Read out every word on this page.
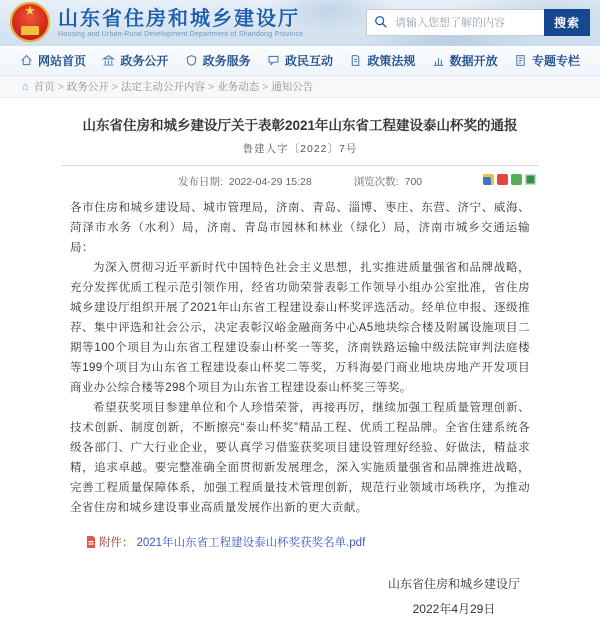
★
山东省住房和城乡建设厅
Housing and Urban-Rural Development Department of Shandong Province
请输入您想了解的内容
搜索
网站首页	政务公开	政务服务	政民互动	政策法规	数据开放	专题专栏
⌂ 首页 > 政务公开 > 法定主动公开内容 > 业务动态 > 通知公告
山东省住房和城乡建设厅关于表彰2021年山东省工程建设泰山杯奖的通报
鲁建人字〔2022〕7号
发布日期: 2022-04-29 15:28	浏览次数: 700

各市住房和城乡建设局、城市管理局，济南、青岛、淄博、枣庄、东营、济宁、威海、菏泽市水务（水利）局，济南、青岛市园林和林业（绿化）局，济南市城乡交通运输局：

为深入贯彻习近平新时代中国特色社会主义思想，扎实推进质量强省和品牌战略，充分发挥优质工程示范引领作用，经省功勋荣誉表彰工作领导小组办公室批准，省住房城乡建设厅组织开展了2021年山东省工程建设泰山杯奖评选活动。经单位申报、逐级推荐、集中评选和社会公示，决定表彰汉峪金融商务中心A5地块综合楼及附属设施项目二期等100个项目为山东省工程建设泰山杯奖一等奖，济南铁路运输中级法院审判法庭楼等199个项目为山东省工程建设泰山杯奖二等奖，万科海晏门商业地块房地产开发项目商业办公综合楼等298个项目为山东省工程建设泰山杯奖三等奖。

希望获奖项目参建单位和个人珍惜荣誉，再接再厉，继续加强工程质量管理创新、技术创新、制度创新，不断擦亮“泰山杯奖”精品工程、优质工程品牌。全省住建系统各级各部门、广大行业企业，要认真学习借鉴获奖项目建设管理好经验、好做法，精益求精，追求卓越。要完整准确全面贯彻新发展理念，深入实施质量强省和品牌推进战略，完善工程质量保障体系，加强工程质量技术管理创新，规范行业领域市场秩序，为推动全省住房和城乡建设事业高质量发展作出新的更大贡献。

附件： 2021年山东省工程建设泰山杯奖获奖名单.pdf
山东省住房和城乡建设厅
2022年4月29日
